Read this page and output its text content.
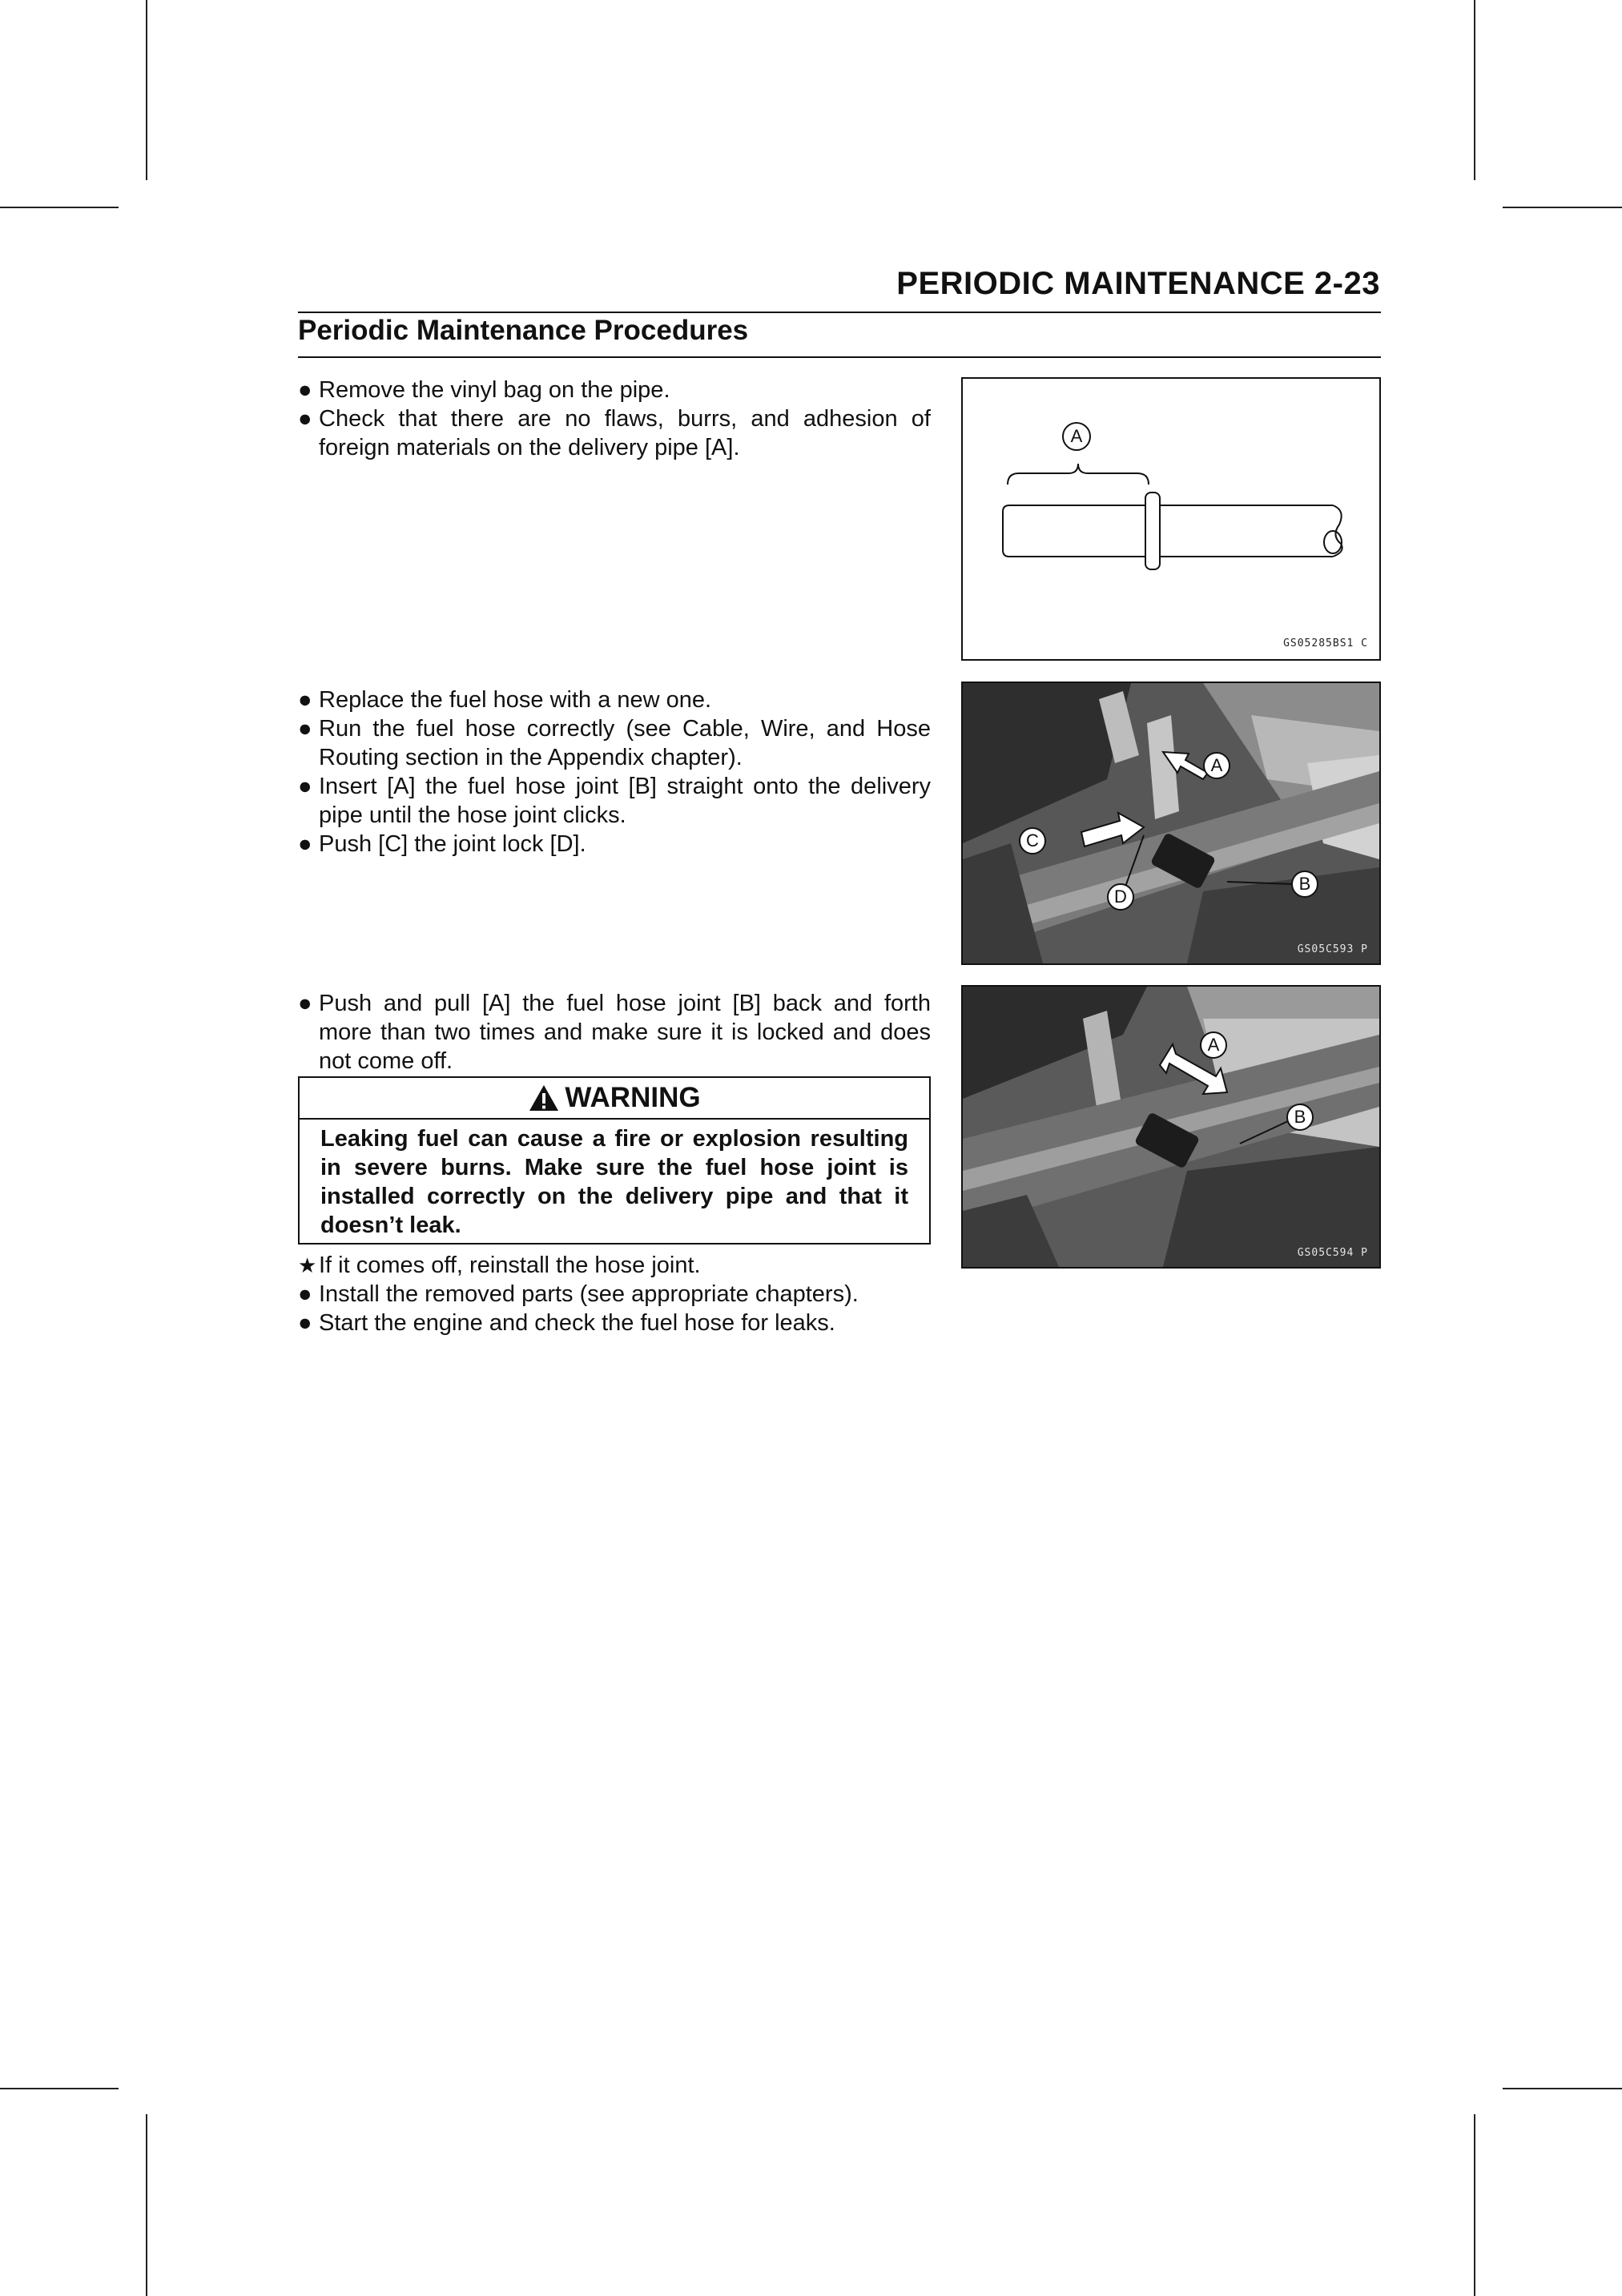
PERIODIC MAINTENANCE 2-23
Periodic Maintenance Procedures
● Remove the vinyl bag on the pipe.
● Check that there are no flaws, burrs, and adhesion of foreign materials on the delivery pipe [A].
● Replace the fuel hose with a new one.
● Run the fuel hose correctly (see Cable, Wire, and Hose Routing section in the Appendix chapter).
● Insert [A] the fuel hose joint [B] straight onto the delivery pipe until the hose joint clicks.
● Push [C] the joint lock [D].
● Push and pull [A] the fuel hose joint [B] back and forth more than two times and make sure it is locked and does not come off.
WARNING
Leaking fuel can cause a fire or explosion resulting in severe burns. Make sure the fuel hose joint is installed correctly on the delivery pipe and that it doesn’t leak.
★ If it comes off, reinstall the hose joint.
● Install the removed parts (see appropriate chapters).
● Start the engine and check the fuel hose for leaks.
A
GS05285BS1 C
A
B
C
D
GS05C593 P
A
B
GS05C594 P
